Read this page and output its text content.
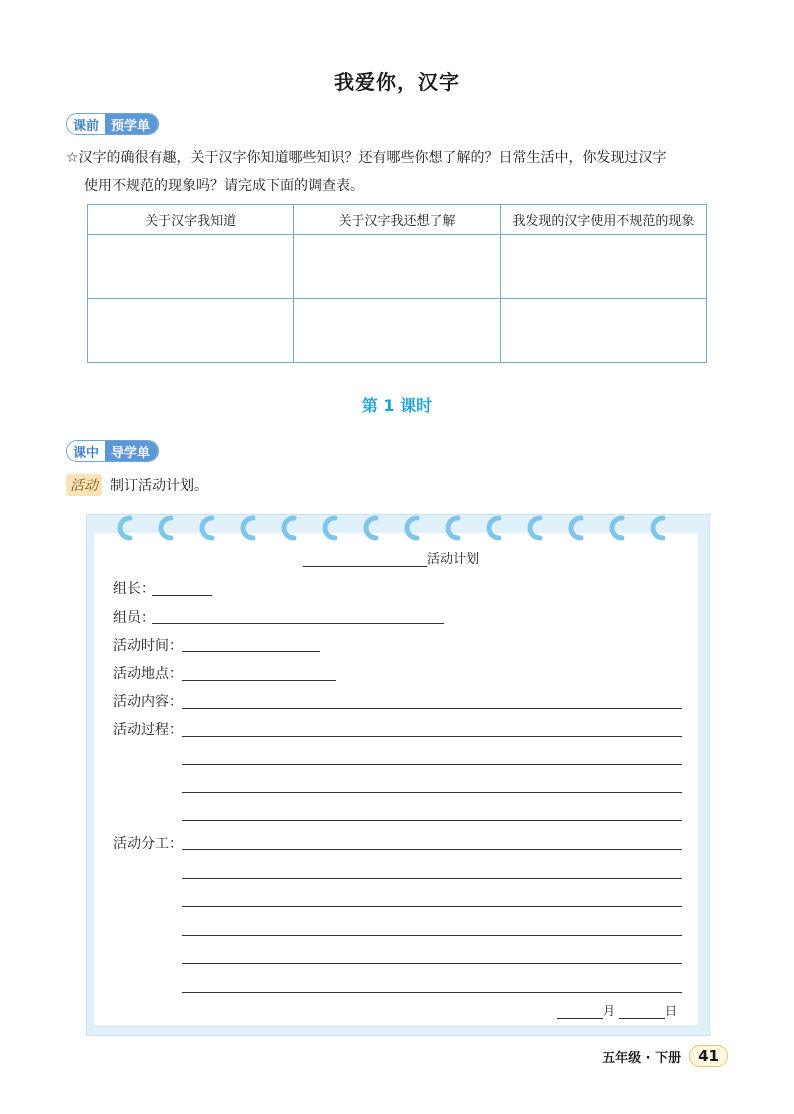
我爱你，汉字
课前 预学单
☆汉字的确很有趣，关于汉字你知道哪些知识？还有哪些你想了解的？日常生活中，你发现过汉字
使用不规范的现象吗？请完成下面的调查表。
关于汉字我知道	关于汉字我还想了解	我发现的汉字使用不规范的现象

第 1 课时
课中 导学单
活动 制订活动计划。
活动计划
组长：
组员：
活动时间：
活动地点：
活动内容：
活动过程：
活动分工：
月	日
五年级 · 下册	41
